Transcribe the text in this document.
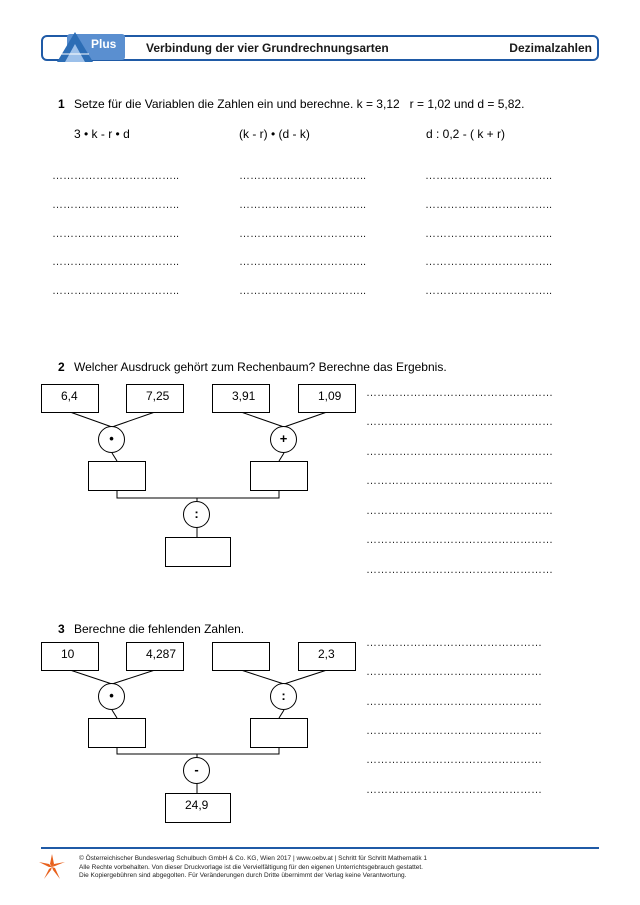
Plus Verbindung der vier Grundrechnungsarten	Dezimalzahlen
1 Setze für die Variablen die Zahlen ein und berechne. k = 3,12   r = 1,02 und d = 5,82.
3 • k - r • d	(k - r) • (d - k)	d : 0,2 - ( k + r)
……………………………..	……………………………..	……………………………..
……………………………..	……………………………..	……………………………..
……………………………..	……………………………..	……………………………..
……………………………..	……………………………..	……………………………..
……………………………..	……………………………..	……………………………..
2 Welcher Ausdruck gehört zum Rechenbaum? Berechne das Ergebnis.
6,4	7,25	3,91	1,09
•	+
:
……………………………………………
……………………………………………
……………………………………………
……………………………………………
……………………………………………
……………………………………………
……………………………………………
3 Berechne die fehlenden Zahlen.
10	4,287	2,3
•	:
-
24,9
…………………………………………
…………………………………………
…………………………………………
…………………………………………
…………………………………………
…………………………………………
© Österreichischer Bundesverlag Schulbuch GmbH & Co. KG, Wien 2017 | www.oebv.at | Schritt für Schritt Mathematik 1
Alle Rechte vorbehalten. Von dieser Druckvorlage ist die Vervielfältigung für den eigenen Unterrichtsgebrauch gestattet.
Die Kopiergebühren sind abgegolten. Für Veränderungen durch Dritte übernimmt der Verlag keine Verantwortung.
